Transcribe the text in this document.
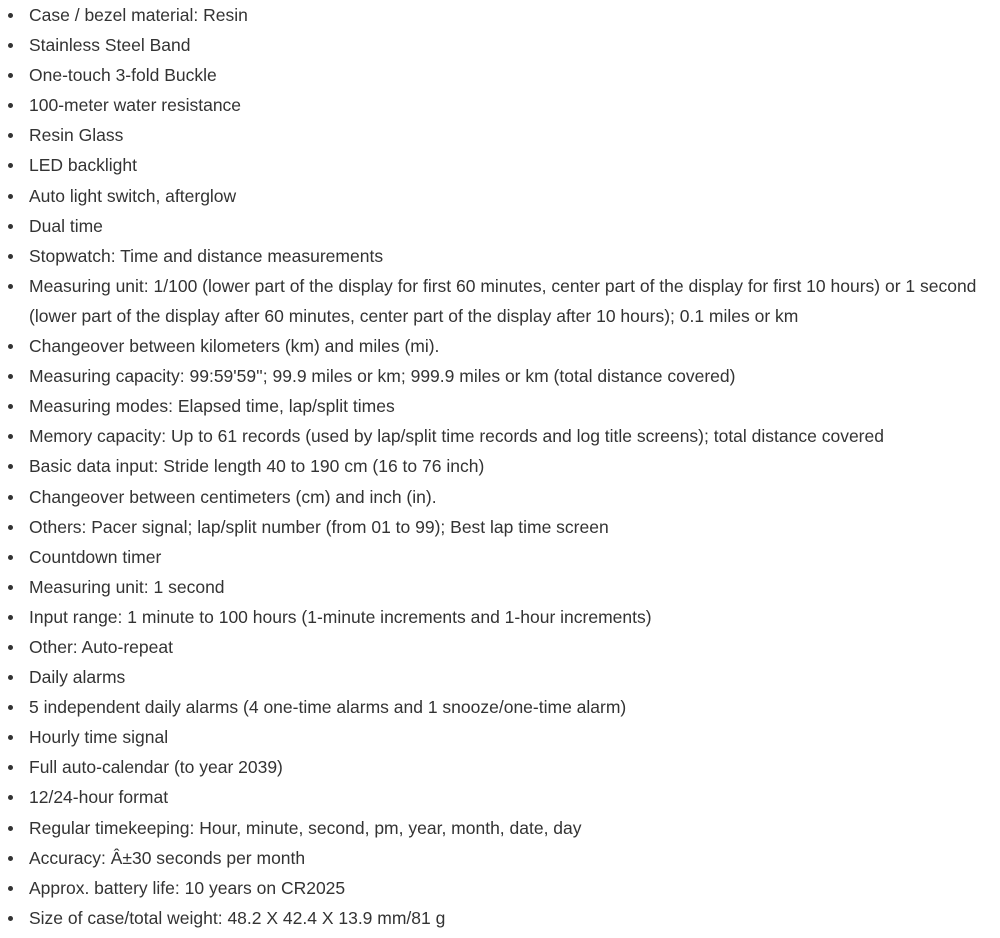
Case / bezel material: Resin
Stainless Steel Band
One-touch 3-fold Buckle
100-meter water resistance
Resin Glass
LED backlight
Auto light switch, afterglow
Dual time
Stopwatch: Time and distance measurements
Measuring unit: 1/100 (lower part of the display for first 60 minutes, center part of the display for first 10 hours) or 1 second (lower part of the display after 60 minutes, center part of the display after 10 hours); 0.1 miles or km
Changeover between kilometers (km) and miles (mi).
Measuring capacity: 99:59'59''; 99.9 miles or km; 999.9 miles or km (total distance covered)
Measuring modes: Elapsed time, lap/split times
Memory capacity: Up to 61 records (used by lap/split time records and log title screens); total distance covered
Basic data input: Stride length 40 to 190 cm (16 to 76 inch)
Changeover between centimeters (cm) and inch (in).
Others: Pacer signal; lap/split number (from 01 to 99); Best lap time screen
Countdown timer
Measuring unit: 1 second
Input range: 1 minute to 100 hours (1-minute increments and 1-hour increments)
Other: Auto-repeat
Daily alarms
5 independent daily alarms (4 one-time alarms and 1 snooze/one-time alarm)
Hourly time signal
Full auto-calendar (to year 2039)
12/24-hour format
Regular timekeeping: Hour, minute, second, pm, year, month, date, day
Accuracy: Â±30 seconds per month
Approx. battery life: 10 years on CR2025
Size of case/total weight: 48.2 X 42.4 X 13.9 mm/81 g
